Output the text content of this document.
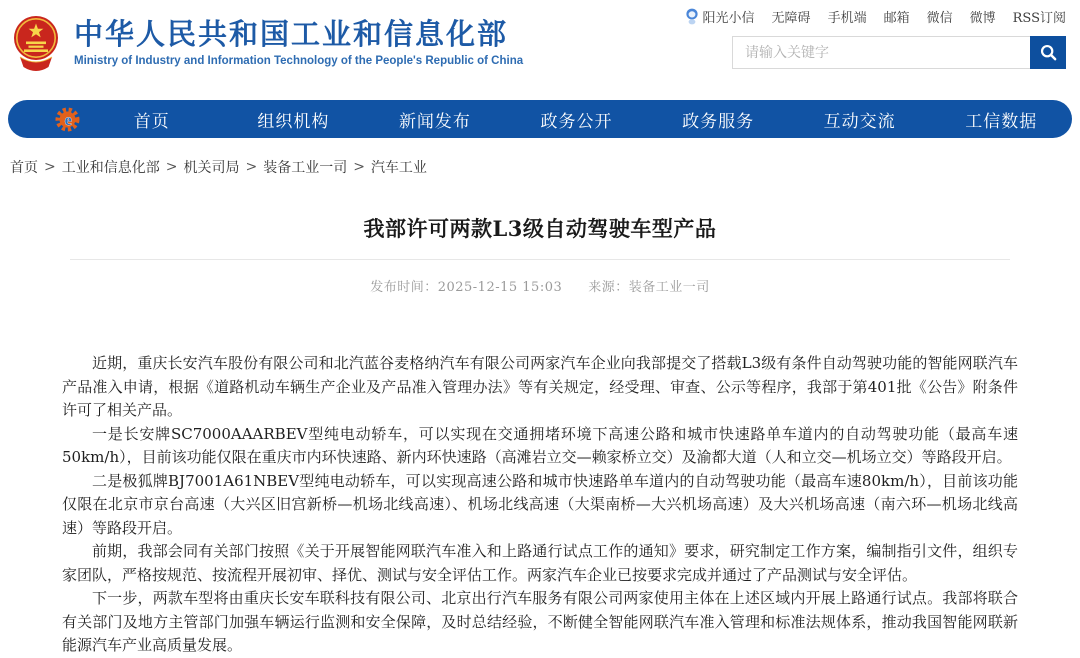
中华人民共和国工业和信息化部
Ministry of Industry and Information Technology of the People's Republic of China
阳光小信 无障碍 手机端 邮箱 微信 微博 RSS订阅
请输入关键字
e	首页	组织机构	新闻发布	政务公开	政务服务	互动交流	工信数据
首页 > 工业和信息化部 > 机关司局 > 装备工业一司 > 汽车工业
我部许可两款L3级自动驾驶车型产品
发布时间：2025-12-15 15:03 来源：装备工业一司

近期，重庆长安汽车股份有限公司和北汽蓝谷麦格纳汽车有限公司两家汽车企业向我部提交了搭载L3级有条件自动驾驶功能的智能网联汽车产品准入申请，根据《道路机动车辆生产企业及产品准入管理办法》等有关规定，经受理、审查、公示等程序，我部于第401批《公告》附条件许可了相关产品。

一是长安牌SC7000AAARBEV型纯电动轿车，可以实现在交通拥堵环境下高速公路和城市快速路单车道内的自动驾驶功能（最高车速50km/h），目前该功能仅限在重庆市内环快速路、新内环快速路（高滩岩立交—赖家桥立交）及渝都大道（人和立交—机场立交）等路段开启。

二是极狐牌BJ7001A61NBEV型纯电动轿车，可以实现高速公路和城市快速路单车道内的自动驾驶功能（最高车速80km/h），目前该功能仅限在北京市京台高速（大兴区旧宫新桥—机场北线高速）、机场北线高速（大渠南桥—大兴机场高速）及大兴机场高速（南六环—机场北线高速）等路段开启。

前期，我部会同有关部门按照《关于开展智能网联汽车准入和上路通行试点工作的通知》要求，研究制定工作方案，编制指引文件，组织专家团队，严格按规范、按流程开展初审、择优、测试与安全评估工作。两家汽车企业已按要求完成并通过了产品测试与安全评估。

下一步，两款车型将由重庆长安车联科技有限公司、北京出行汽车服务有限公司两家使用主体在上述区域内开展上路通行试点。我部将联合有关部门及地方主管部门加强车辆运行监测和安全保障，及时总结经验，不断健全智能网联汽车准入管理和标准法规体系，推动我国智能网联新能源汽车产业高质量发展。
